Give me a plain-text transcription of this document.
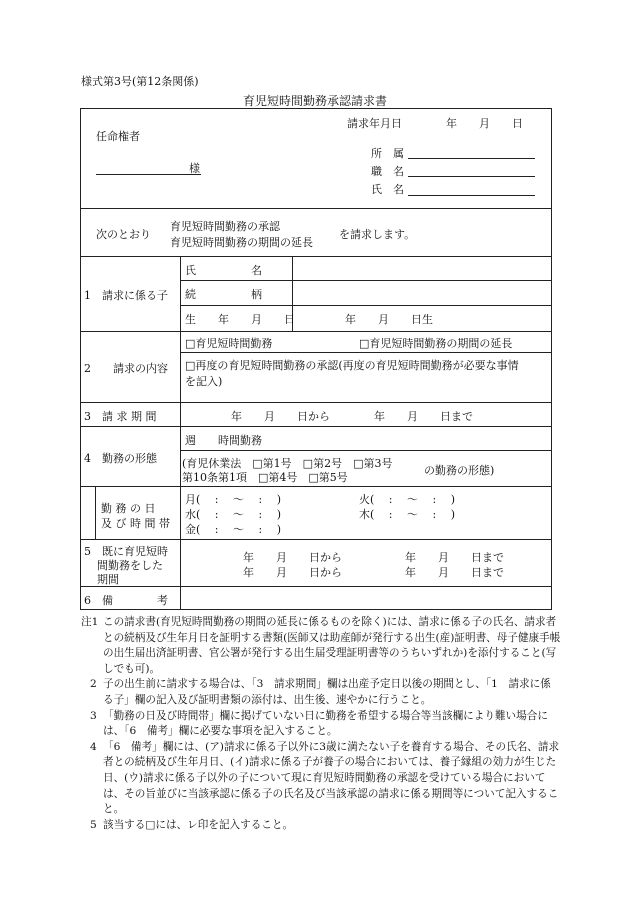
様式第3号(第12条関係)
育児短時間勤務承認請求書
請求年月日　　　　年　　月　　日
任命権者
様
所　属
職　名
氏　名
次のとおり
育児短時間勤務の承認
育児短時間勤務の期間の延長
を請求します。
1　請求に係る子
氏　　　　　名
続　　　　　柄
生　　年　　月　　日	年　　月　　日生
2　　請求の内容
□育児短時間勤務	□育児短時間勤務の期間の延長
□再度の育児短時間勤務の承認(再度の育児短時間勤務が必要な事情
を記入)
3　請 求 期 間	年　　月　　日から　　　　年　　月　　日まで
4　勤務の形態
週　　時間勤務
(育児休業法　□第1号　□第2号　□第3号
第10条第1項　□第4号　□第5号
の勤務の形態)
勤 務 の 日
及 び 時 間 帯
月(　 :　 ～　 :　 )	火(　 :　 ～　 :　 )
水(　 :　 ～　 :　 )	木(　 :　 ～　 :　 )
金(　 :　 ～　 :　 )
5　既に育児短時
間勤務をした
期間
年　　月　　日から	年　　月　　日まで
年　　月　　日から	年　　月　　日まで
6　備　　　　考
注1 この請求書(育児短時間勤務の期間の延長に係るものを除く)には、請求に係る子の氏名、請求者との続柄及び生年月日を証明する書類(医師又は助産師が発行する出生(産)証明書、母子健康手帳の出生届出済証明書、官公署が発行する出生届受理証明書等のうちいずれか)を添付すること(写しでも可)。
2 子の出生前に請求する場合は、「3　請求期間」欄は出産予定日以後の期間とし、「1　請求に係る子」欄の記入及び証明書類の添付は、出生後、速やかに行うこと。
3 「勤務の日及び時間帯」欄に掲げていない日に勤務を希望する場合等当該欄により難い場合には、「6　備考」欄に必要な事項を記入すること。
4 「6　備考」欄には、(ア)請求に係る子以外に3歳に満たない子を養育する場合、その氏名、請求者との続柄及び生年月日、(イ)請求に係る子が養子の場合においては、養子縁組の効力が生じた日、(ウ)請求に係る子以外の子について現に育児短時間勤務の承認を受けている場合においては、その旨並びに当該承認に係る子の氏名及び当該承認の請求に係る期間等について記入すること。
5 該当する□には、レ印を記入すること。
